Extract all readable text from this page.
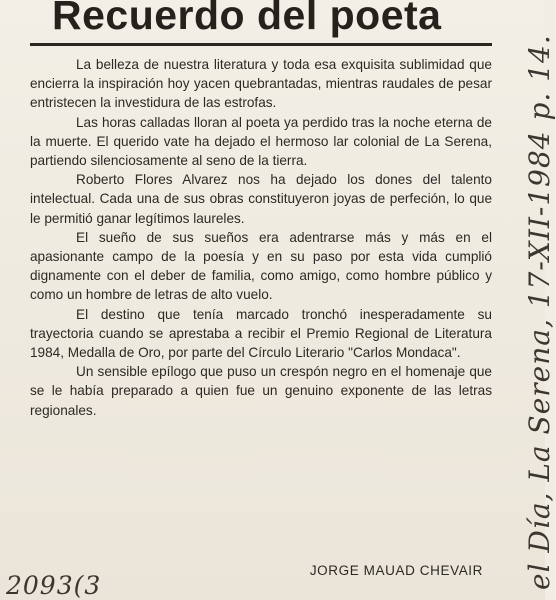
Recuerdo del poeta

La belleza de nuestra literatura y toda esa exquisita sublimidad que encierra la inspiración hoy yacen quebrantadas, mientras raudales de pesar entristecen la investidura de las estrofas.

Las horas calladas lloran al poeta ya perdido tras la noche eterna de la muerte. El querido vate ha dejado el hermoso lar colonial de La Serena, partiendo silenciosamente al seno de la tierra.

Roberto Flores Alvarez nos ha dejado los dones del talento intelectual. Cada una de sus obras constituyeron joyas de perfeción, lo que le permitió ganar legítimos laureles.

El sueño de sus sueños era adentrarse más y más en el apasionante campo de la poesía y en su paso por esta vida cumplió dignamente con el deber de familia, como amigo, como hombre público y como un hombre de letras de alto vuelo.

El destino que tenía marcado tronchó inesperadamente su trayectoria cuando se aprestaba a recibir el Premio Regional de Literatura 1984, Medalla de Oro, por parte del Círculo Literario "Carlos Mondaca".

Un sensible epílogo que puso un crespón negro en el homenaje que se le había preparado a quien fue un genuino exponente de las letras regionales.

JORGE MAUAD CHEVAIR el Día, La Serena, 17-XII-1984 p. 14.
2093(3
